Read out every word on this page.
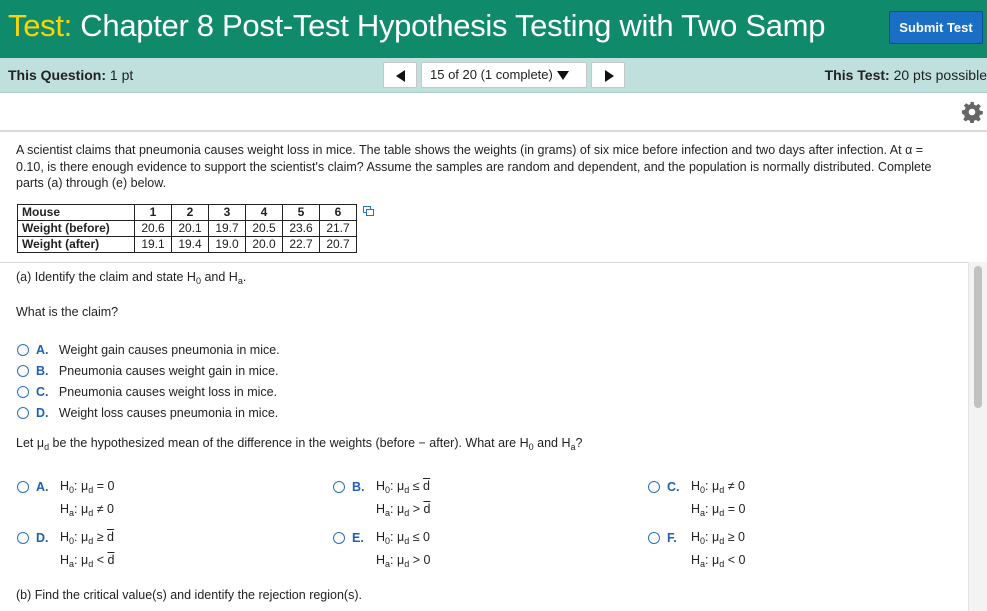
Test: Chapter 8 Post-Test Hypothesis Testing with Two Samp	Submit Test
This Question: 1 pt	15 of 20 (1 complete)	This Test: 20 pts possible
A scientist claims that pneumonia causes weight loss in mice. The table shows the weights (in grams) of six mice before infection and two days after infection. At α = 0.10, is there enough evidence to support the scientist's claim? Assume the samples are random and dependent, and the population is normally distributed. Complete parts (a) through (e) below.
Mouse	1	2	3	4	5	6
Weight (before)	20.6	20.1	19.7	20.5	23.6	21.7
Weight (after)	19.1	19.4	19.0	20.0	22.7	20.7
(a) Identify the claim and state $H_0$ and $H_a$.
What is the claim?
A. Weight gain causes pneumonia in mice.
B. Pneumonia causes weight gain in mice.
C. Pneumonia causes weight loss in mice.
D. Weight loss causes pneumonia in mice.
Let $\mu_d$ be the hypothesized mean of the difference in the weights (before − after). What are $H_0$ and $H_a$?
A. $H_0$: $\mu_d = 0$
$H_a$: $\mu_d \ne 0$
B. $H_0$: $\mu_d \le \overline{d}$
$H_a$: $\mu_d > \overline{d}$
C. $H_0$: $\mu_d \ne 0$
$H_a$: $\mu_d = 0$
D. $H_0$: $\mu_d \ge \overline{d}$
$H_a$: $\mu_d < \overline{d}$
E. $H_0$: $\mu_d \le 0$
$H_a$: $\mu_d > 0$
F. $H_0$: $\mu_d \ge 0$
$H_a$: $\mu_d < 0$
(b) Find the critical value(s) and identify the rejection region(s).
